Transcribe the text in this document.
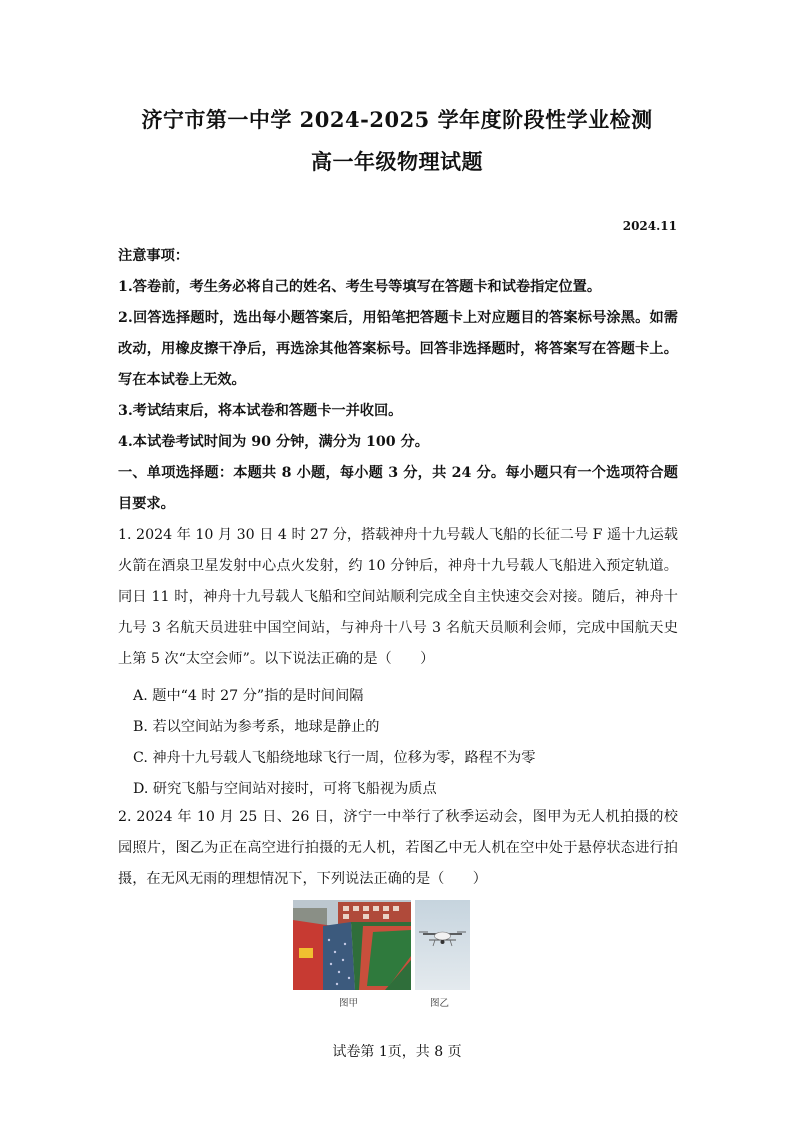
济宁市第一中学 2024-2025 学年度阶段性学业检测
高一年级物理试题
2024.11
注意事项：
1.答卷前，考生务必将自己的姓名、考生号等填写在答题卡和试卷指定位置。
2.回答选择题时，选出每小题答案后，用铅笔把答题卡上对应题目的答案标号涂黑。如需改动，用橡皮擦干净后，再选涂其他答案标号。回答非选择题时，将答案写在答题卡上。写在本试卷上无效。
3.考试结束后，将本试卷和答题卡一并收回。
4.本试卷考试时间为 90 分钟，满分为 100 分。
一、单项选择题：本题共 8 小题，每小题 3 分，共 24 分。每小题只有一个选项符合题目要求。
1. 2024 年 10 月 30 日 4 时 27 分，搭载神舟十九号载人飞船的长征二号 F 遥十九运载火箭在酒泉卫星发射中心点火发射，约 10 分钟后，神舟十九号载人飞船进入预定轨道。同日 11 时，神舟十九号载人飞船和空间站顺利完成全自主快速交会对接。随后，神舟十九号 3 名航天员进驻中国空间站，与神舟十八号 3 名航天员顺利会师，完成中国航天史上第 5 次“太空会师”。以下说法正确的是（　　）
A. 题中“4 时 27 分”指的是时间间隔
B. 若以空间站为参考系，地球是静止的
C. 神舟十九号载人飞船绕地球飞行一周，位移为零，路程不为零
D. 研究飞船与空间站对接时，可将飞船视为质点
2. 2024 年 10 月 25 日、26 日，济宁一中举行了秋季运动会，图甲为无人机拍摄的校园照片，图乙为正在高空进行拍摄的无人机，若图乙中无人机在空中处于悬停状态进行拍摄，在无风无雨的理想情况下，下列说法正确的是（　　）
图甲	图乙
试卷第 1页，共 8 页
